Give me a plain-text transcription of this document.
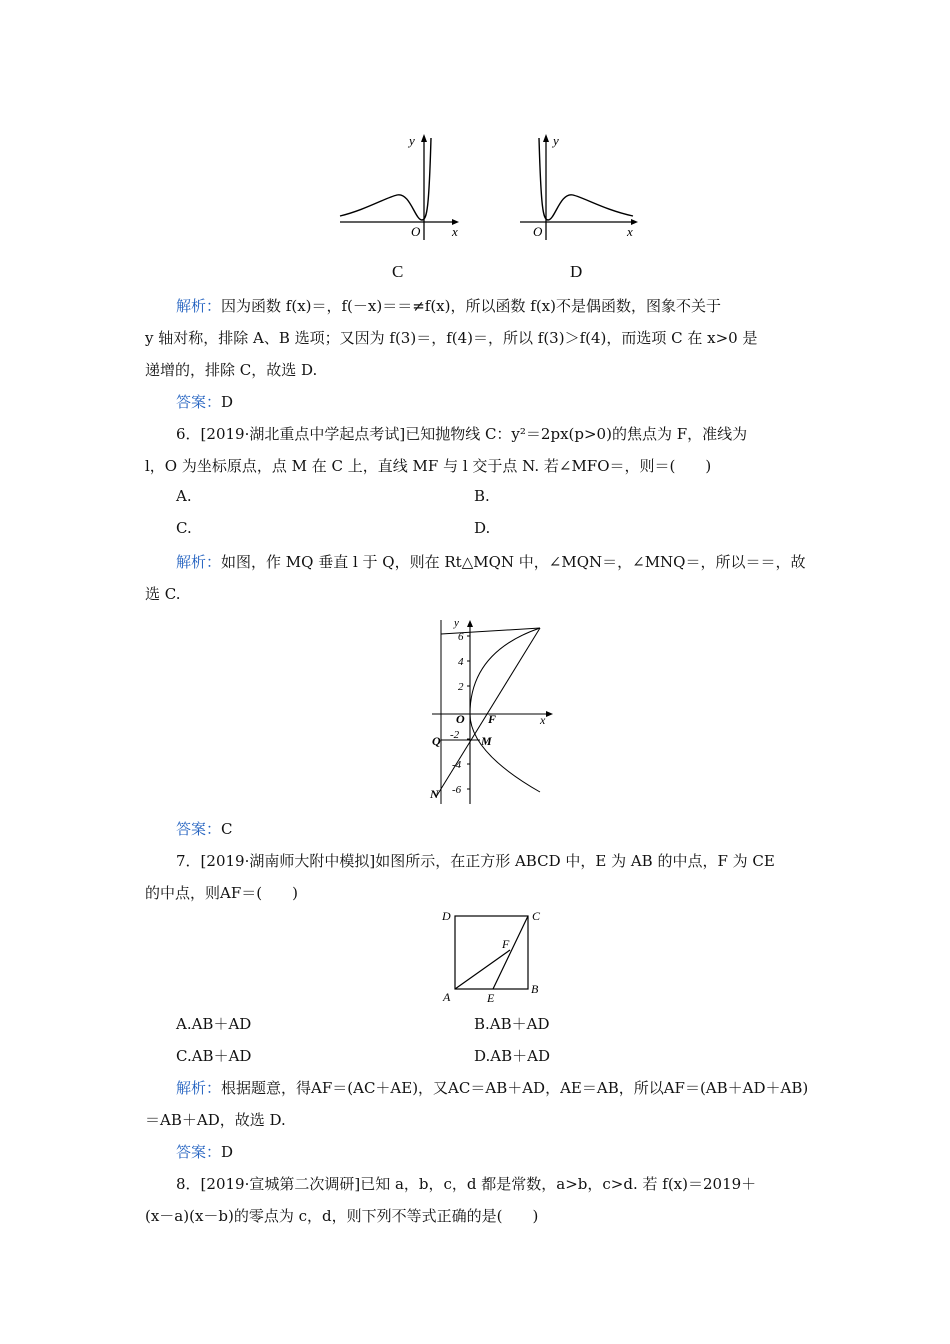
y
x
O
y
x
O
C	D
解析：因为函数 f(x)＝，f(－x)＝＝≠f(x)，所以函数 f(x)不是偶函数，图象不关于
y 轴对称，排除 A、B 选项；又因为 f(3)＝，f(4)＝，所以 f(3)＞f(4)，而选项 C 在 x>0 是
递增的，排除 C，故选 D.
答案：D
6．[2019·湖北重点中学起点考试]已知抛物线 C：y²＝2px(p>0)的焦点为 F，准线为
l，O 为坐标原点，点 M 在 C 上，直线 MF 与 l 交于点 N. 若∠MFO＝，则＝(　　)
A.	B.
C.	D.
解析：如图，作 MQ 垂直 l 于 Q，则在 Rt△MQN 中，∠MQN＝，∠MNQ＝，所以＝＝，故
选 C.
y
6
4
2
-2
-4
-6
O F	x
Q	M
N
答案：C
7．[2019·湖南师大附中模拟]如图所示，在正方形 ABCD 中，E 为 AB 的中点，F 为 CE
的中点，则AF＝(　　)
D	C
F
A	E
B
A.AB＋AD	B.AB＋AD
C.AB＋AD	D.AB＋AD
解析：根据题意，得AF＝(AC＋AE)，又AC＝AB＋AD，AE＝AB，所以AF＝(AB＋AD＋AB)
＝AB＋AD，故选 D.
答案：D
8．[2019·宣城第二次调研]已知 a，b，c，d 都是常数，a>b，c>d. 若 f(x)＝2019＋
(x－a)(x－b)的零点为 c，d，则下列不等式正确的是(　　)
